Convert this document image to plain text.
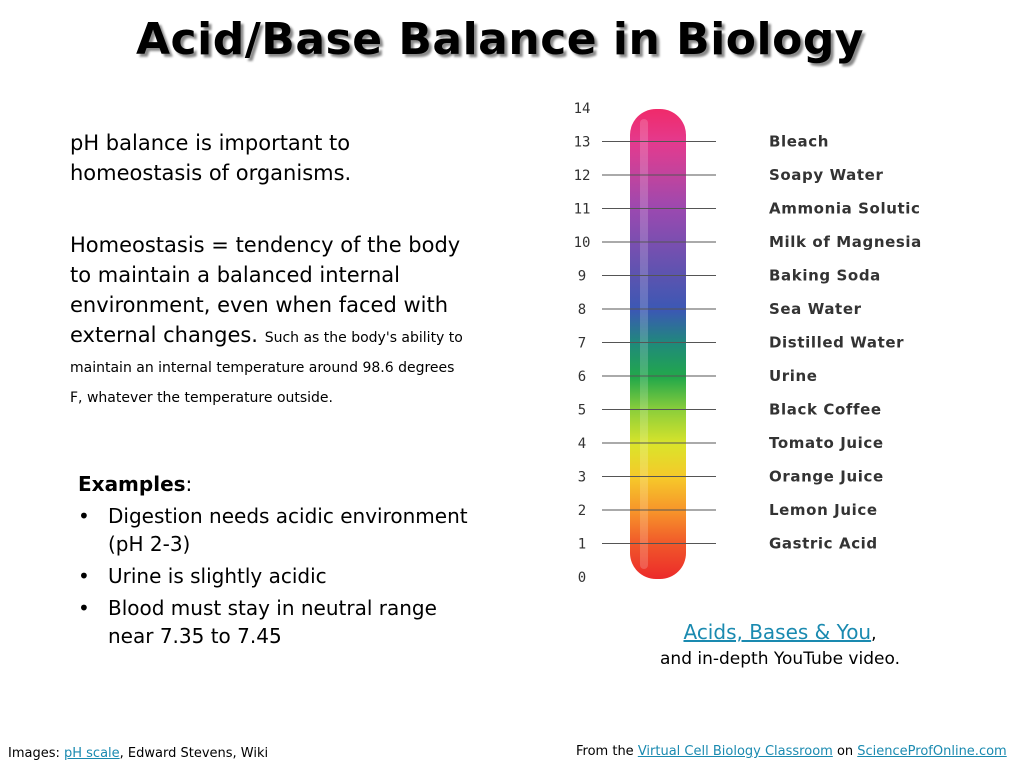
Acid/Base Balance in Biology

pH balance is important to homeostasis of organisms.

Homeostasis = tendency of the body to maintain a balanced internal environment, even when faced with external changes. Such as the body's ability to maintain an internal temperature around 98.6 degrees F, whatever the temperature outside.

Examples:
• Digestion needs acidic environment (pH 2-3)
• Urine is slightly acidic
• Blood must stay in neutral range near 7.35 to 7.45
0
1
2
3
4
5
6
7
8
9
10
11
12
13
14
Bleach
Soapy Water
Ammonia Solutic
Milk of Magnesia
Baking Soda
Sea Water
Distilled Water
Urine
Black Coffee
Tomato Juice
Orange Juice
Lemon Juice
Gastric Acid
Acids, Bases & You,
and in-depth YouTube video.
Images: pH scale, Edward Stevens, Wiki	From the Virtual Cell Biology Classroom on ScienceProfOnline.com
